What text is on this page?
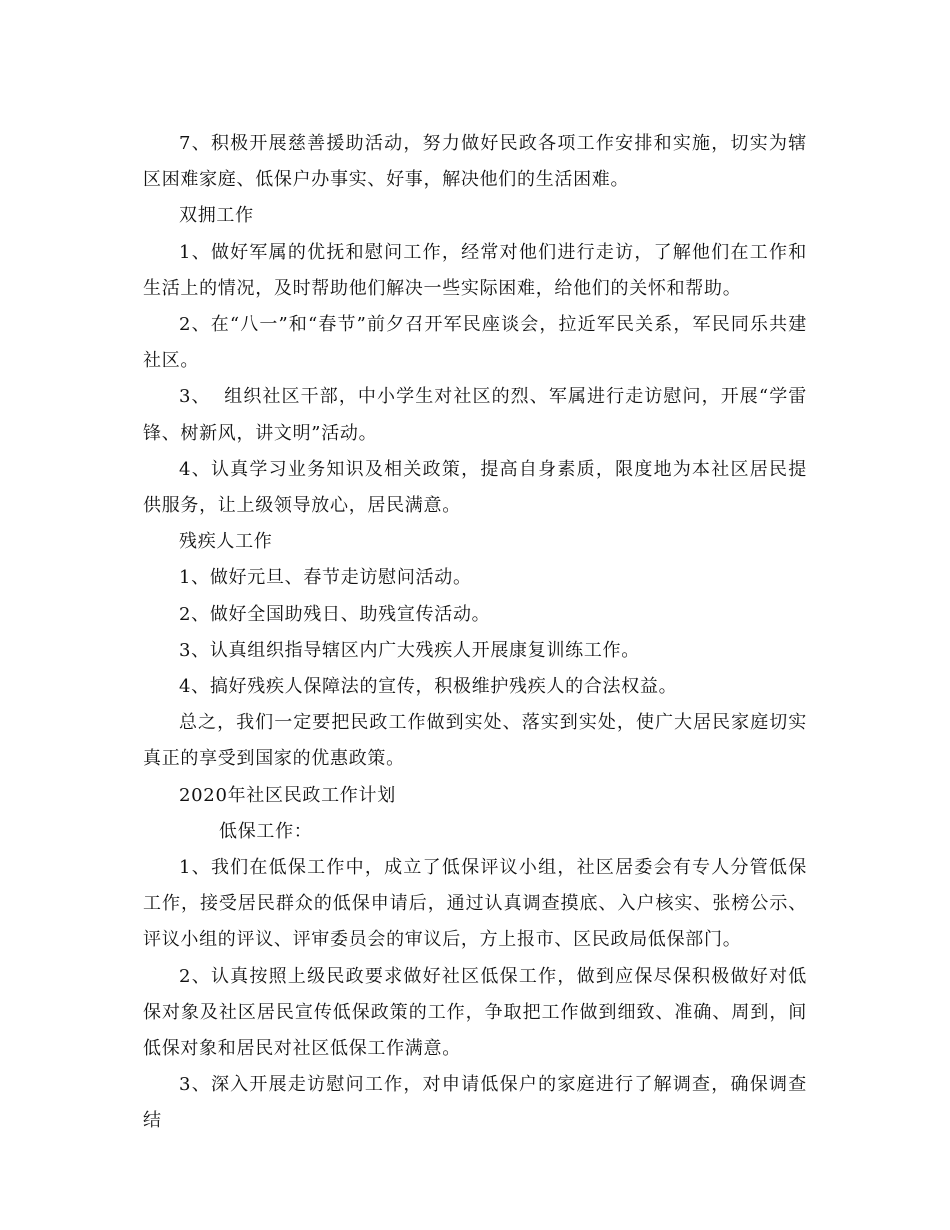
7、积极开展慈善援助活动，努力做好民政各项工作安排和实施，切实为辖区困难家庭、低保户办事实、好事，解决他们的生活困难。

双拥工作

1、做好军属的优抚和慰问工作，经常对他们进行走访，了解他们在工作和生活上的情况，及时帮助他们解决一些实际困难，给他们的关怀和帮助。

2、在“八一”和“春节”前夕召开军民座谈会，拉近军民关系，军民同乐共建社区。

3、  组织社区干部，中小学生对社区的烈、军属进行走访慰问，开展“学雷锋、树新风，讲文明”活动。

4、认真学习业务知识及相关政策，提高自身素质，限度地为本社区居民提供服务，让上级领导放心，居民满意。

残疾人工作

1、做好元旦、春节走访慰问活动。

2、做好全国助残日、助残宣传活动。

3、认真组织指导辖区内广大残疾人开展康复训练工作。

4、搞好残疾人保障法的宣传，积极维护残疾人的合法权益。

总之，我们一定要把民政工作做到实处、落实到实处，使广大居民家庭切实真正的享受到国家的优惠政策。

2020年社区民政工作计划

低保工作：

1、我们在低保工作中，成立了低保评议小组，社区居委会有专人分管低保工作，接受居民群众的低保申请后，通过认真调查摸底、入户核实、张榜公示、评议小组的评议、评审委员会的审议后，方上报市、区民政局低保部门。

2、认真按照上级民政要求做好社区低保工作，做到应保尽保积极做好对低保对象及社区居民宣传低保政策的工作，争取把工作做到细致、准确、周到，间低保对象和居民对社区低保工作满意。

3、深入开展走访慰问工作，对申请低保户的家庭进行了解调查，确保调查结
